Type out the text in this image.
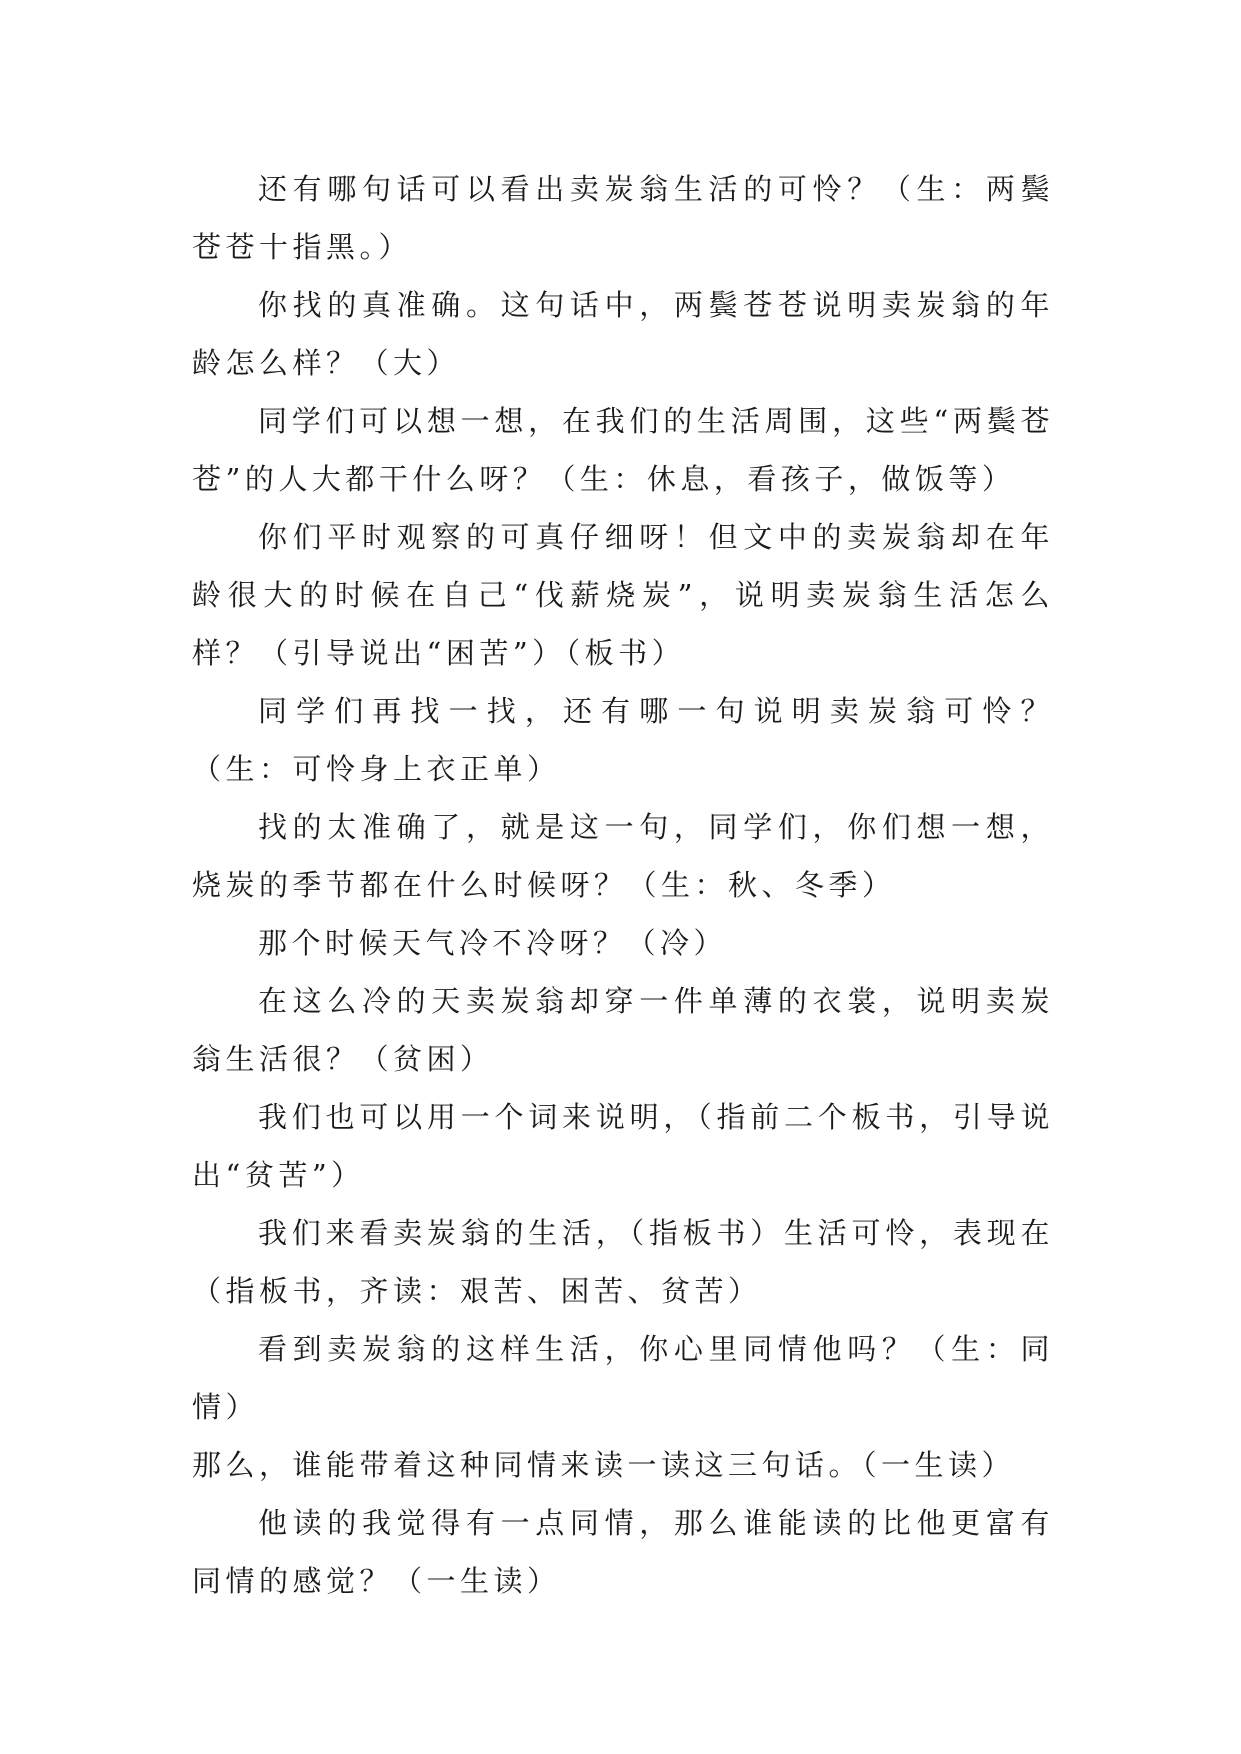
还有哪句话可以看出卖炭翁生活的可怜？（生：两鬓苍苍十指黑。）

你找的真准确。这句话中，两鬓苍苍说明卖炭翁的年龄怎么样？（大）

同学们可以想一想，在我们的生活周围，这些“两鬓苍苍”的人大都干什么呀？（生：休息，看孩子，做饭等）

你们平时观察的可真仔细呀！但文中的卖炭翁却在年龄很大的时候在自己“伐薪烧炭”，说明卖炭翁生活怎么样？（引导说出“困苦”）（板书）

同学们再找一找，还有哪一句说明卖炭翁可怜？（生：可怜身上衣正单）

找的太准确了，就是这一句，同学们，你们想一想，烧炭的季节都在什么时候呀？（生：秋、冬季）

那个时候天气冷不冷呀？（冷）

在这么冷的天卖炭翁却穿一件单薄的衣裳，说明卖炭翁生活很？（贫困）

我们也可以用一个词来说明，（指前二个板书，引导说出“贫苦”）

我们来看卖炭翁的生活，（指板书）生活可怜，表现在（指板书，齐读：艰苦、困苦、贫苦）

看到卖炭翁的这样生活，你心里同情他吗？（生：同情）

那么，谁能带着这种同情来读一读这三句话。（一生读）

他读的我觉得有一点同情，那么谁能读的比他更富有同情的感觉？（一生读）
